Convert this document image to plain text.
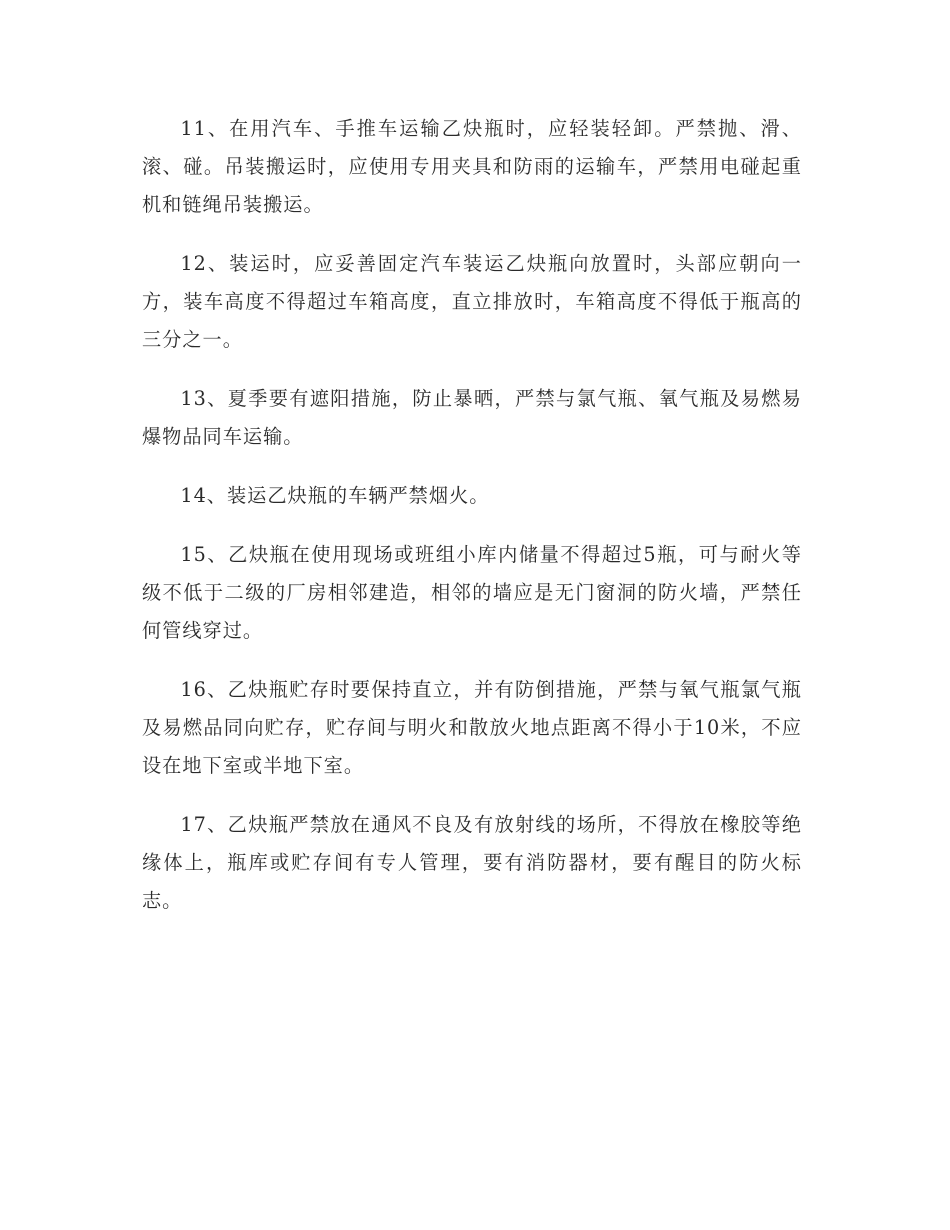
11、在用汽车、手推车运输乙炔瓶时，应轻装轻卸。严禁抛、滑、滚、碰。吊装搬运时，应使用专用夹具和防雨的运输车，严禁用电碰起重机和链绳吊装搬运。

12、装运时，应妥善固定汽车装运乙炔瓶向放置时，头部应朝向一方，装车高度不得超过车箱高度，直立排放时，车箱高度不得低于瓶高的三分之一。

13、夏季要有遮阳措施，防止暴晒，严禁与氯气瓶、氧气瓶及易燃易爆物品同车运输。

14、装运乙炔瓶的车辆严禁烟火。

15、乙炔瓶在使用现场或班组小库内储量不得超过5瓶，可与耐火等级不低于二级的厂房相邻建造，相邻的墙应是无门窗洞的防火墙，严禁任何管线穿过。

16、乙炔瓶贮存时要保持直立，并有防倒措施，严禁与氧气瓶氯气瓶及易燃品同向贮存，贮存间与明火和散放火地点距离不得小于10米，不应设在地下室或半地下室。

17、乙炔瓶严禁放在通风不良及有放射线的场所，不得放在橡胶等绝缘体上，瓶库或贮存间有专人管理，要有消防器材，要有醒目的防火标志。
